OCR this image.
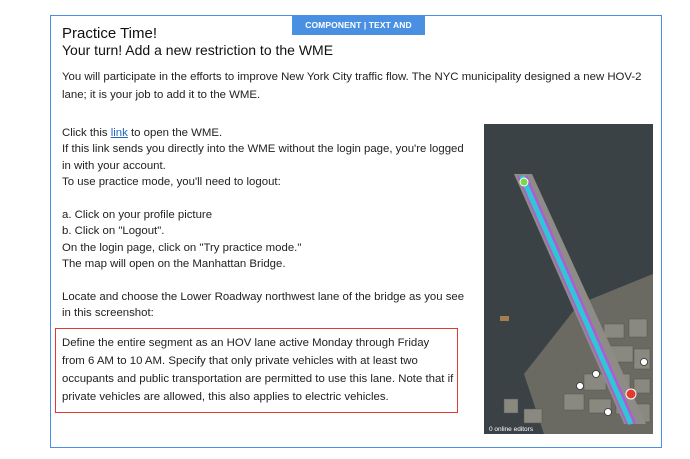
COMPONENT | TEXT AND GRAPHIC
Practice Time!
Your turn! Add a new restriction to the WME

You will participate in the efforts to improve New York City traffic flow. The NYC municipality designed a new HOV-2 lane; it is your job to add it to the WME.

Click this link to open the WME.
If this link sends you directly into the WME without the login page, you're logged
in with your account.
To use practice mode, you'll need to logout:
a. Click on your profile picture
b. Click on "Logout".
On the login page, click on "Try practice mode."
The map will open on the Manhattan Bridge.
Locate and choose the Lower Roadway northwest lane of the bridge as you see
in this screenshot:

Define the entire segment as an HOV lane active Monday through Friday from 6 AM to 10 AM. Specify that only private vehicles with at least two occupants and public transportation are permitted to use this lane. Note that if private vehicles are allowed, this also applies to electric vehicles.

0 online editors
